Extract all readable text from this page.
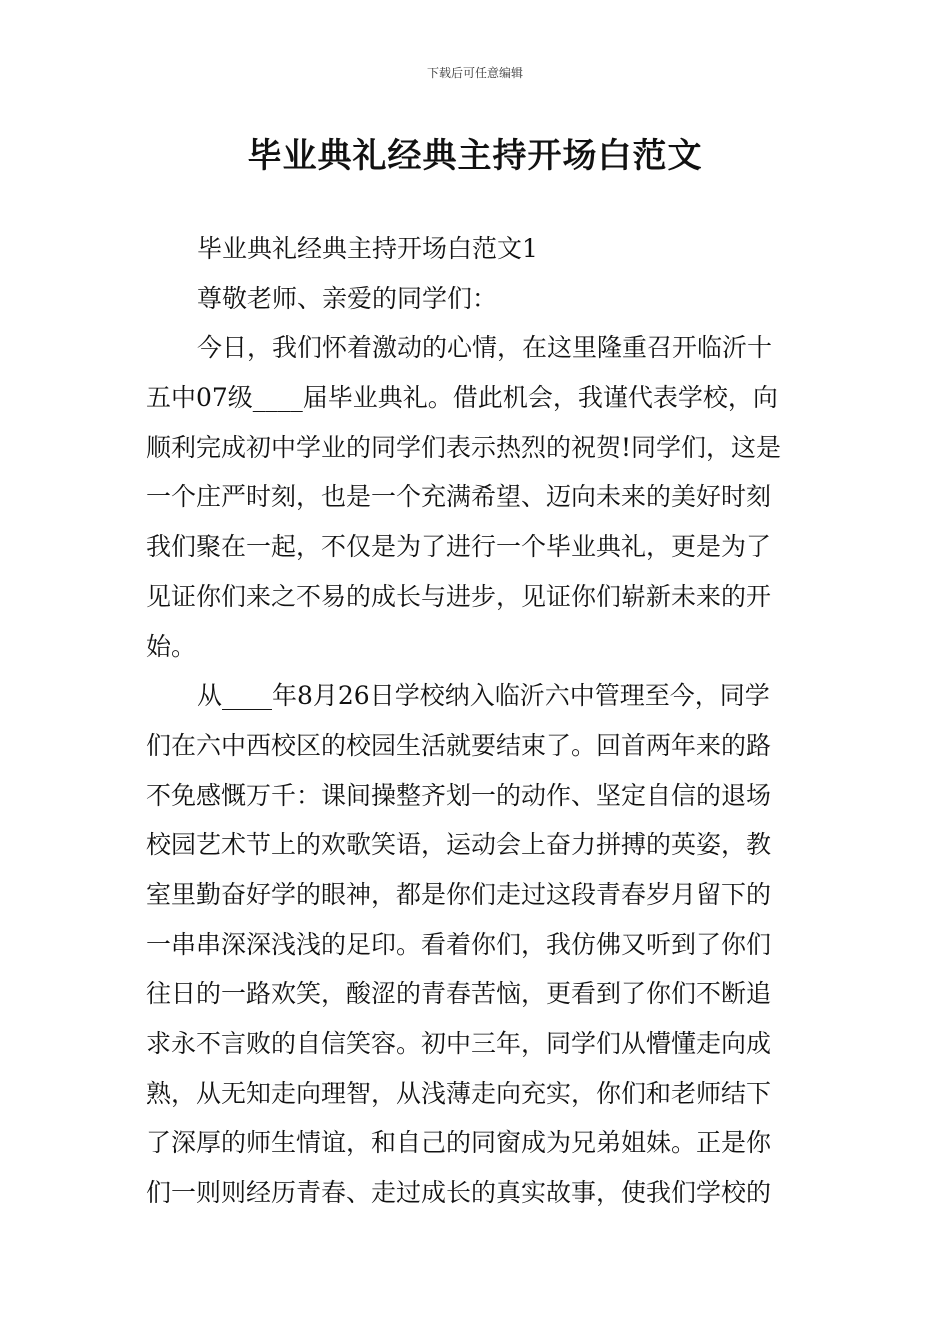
下载后可任意编辑
毕业典礼经典主持开场白范文
毕业典礼经典主持开场白范文1
尊敬老师、亲爱的同学们：
今日，我们怀着激动的心情，在这里隆重召开临沂十
五中07级____届毕业典礼。借此机会，我谨代表学校，向
顺利完成初中学业的同学们表示热烈的祝贺!同学们，这是
一个庄严时刻，也是一个充满希望、迈向未来的美好时刻
我们聚在一起，不仅是为了进行一个毕业典礼，更是为了
见证你们来之不易的成长与进步，见证你们崭新未来的开
始。
从____年8月26日学校纳入临沂六中管理至今，同学
们在六中西校区的校园生活就要结束了。回首两年来的路
不免感慨万千：课间操整齐划一的动作、坚定自信的退场
校园艺术节上的欢歌笑语，运动会上奋力拼搏的英姿，教
室里勤奋好学的眼神，都是你们走过这段青春岁月留下的
一串串深深浅浅的足印。看着你们，我仿佛又听到了你们
往日的一路欢笑，酸涩的青春苦恼，更看到了你们不断追
求永不言败的自信笑容。初中三年，同学们从懵懂走向成
熟，从无知走向理智，从浅薄走向充实，你们和老师结下
了深厚的师生情谊，和自己的同窗成为兄弟姐妹。正是你
们一则则经历青春、走过成长的真实故事，使我们学校的
